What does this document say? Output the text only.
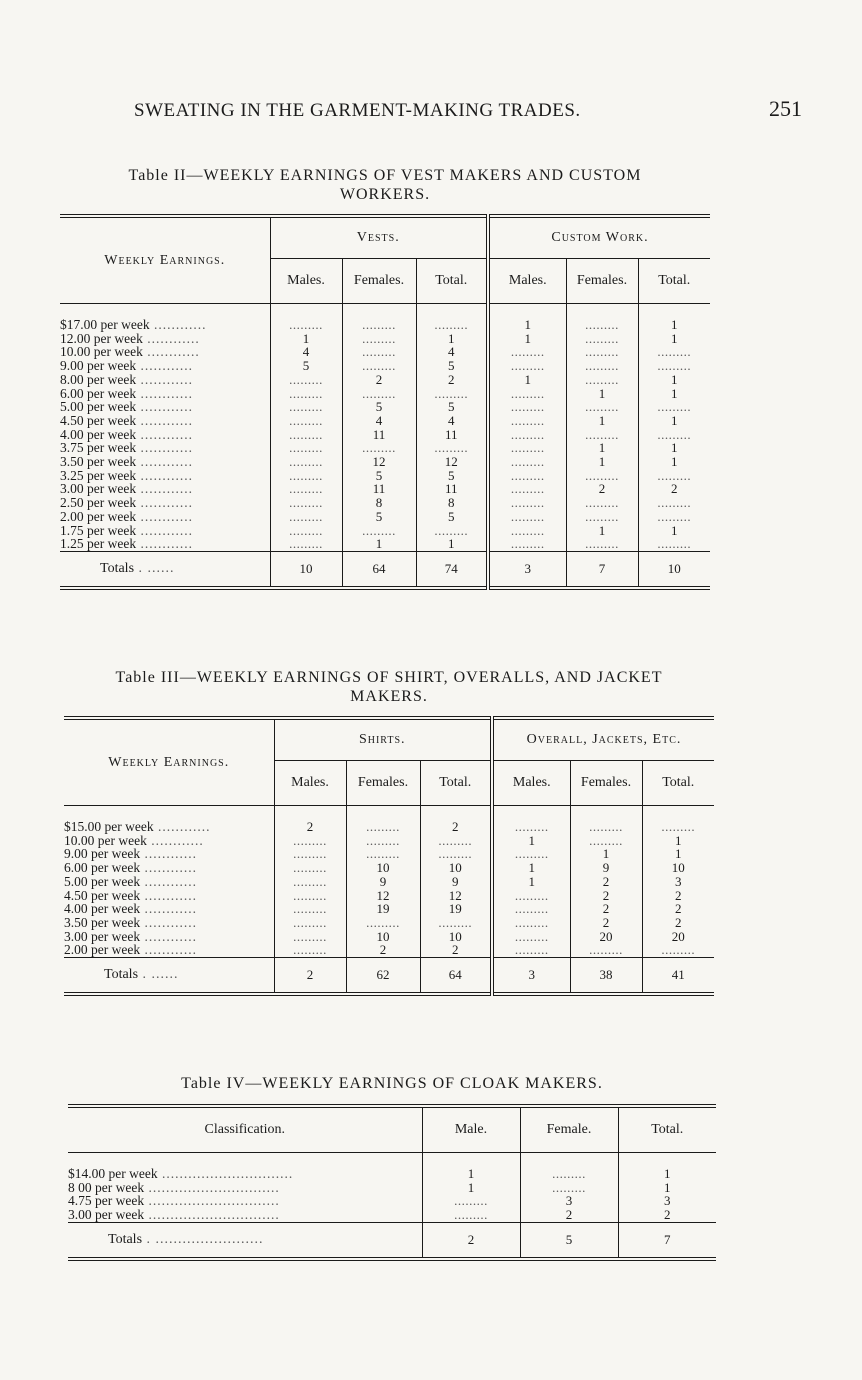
SWEATING IN THE GARMENT-MAKING TRADES.	251
Table II—WEEKLY EARNINGS OF VEST MAKERS AND CUSTOM
WORKERS.
Weekly Earnings.	Vests.			Custom Work.		
	Males.	Females.	Total.	Males.	Females.	Total.

$17.00 per week ............	.........	.........	.........	1	.........	1
12.00 per week ............	1	.........	1	1	.........	1
10.00 per week ............	4	.........	4	.........	.........	.........
9.00 per week ............	5	.........	5	.........	.........	.........
8.00 per week ............	.........	2	2	1	.........	1
6.00 per week ............	.........	.........	.........	.........	1	1
5.00 per week ............	.........	5	5	.........	.........	.........
4.50 per week ............	.........	4	4	.........	1	1
4.00 per week ............	.........	11	11	.........	.........	.........
3.75 per week ............	.........	.........	.........	.........	1	1
3.50 per week ............	.........	12	12	.........	1	1
3.25 per week ............	.........	5	5	.........	.........	.........
3.00 per week ............	.........	11	11	.........	2	2
2.50 per week ............	.........	8	8	.........	.........	.........
2.00 per week ............	.........	5	5	.........	.........	.........
1.75 per week ............	.........	.........	.........	.........	1	1
1.25 per week ............	.........	1	1	.........	.........	.........
Totals . ......	10	64	74	3	7	10
Table III—WEEKLY EARNINGS OF SHIRT, OVERALLS, AND JACKET
MAKERS.
Weekly Earnings.	Shirts.			Overall, Jackets, Etc.		
	Males.	Females.	Total.	Males.	Females.	Total.

$15.00 per week ............	2	.........	2	.........	.........	.........
10.00 per week ............	.........	.........	.........	1	.........	1
9.00 per week ............	.........	.........	.........	.........	1	1
6.00 per week ............	.........	10	10	1	9	10
5.00 per week ............	.........	9	9	1	2	3
4.50 per week ............	.........	12	12	.........	2	2
4.00 per week ............	.........	19	19	.........	2	2
3.50 per week ............	.........	.........	.........	.........	2	2
3.00 per week ............	.........	10	10	.........	20	20
2.00 per week ............	.........	2	2	.........	.........	.........
Totals . ......	2	62	64	3	38	41
Table IV—WEEKLY EARNINGS OF CLOAK MAKERS.
Classification.	Male.	Female.	Total.

$14.00 per week ..............................	1	.........	1
8 00 per week ..............................	1	.........	1
4.75 per week ..............................	.........	3	3
3.00 per week ..............................	.........	2	2
Totals . ........................	2	5	7
